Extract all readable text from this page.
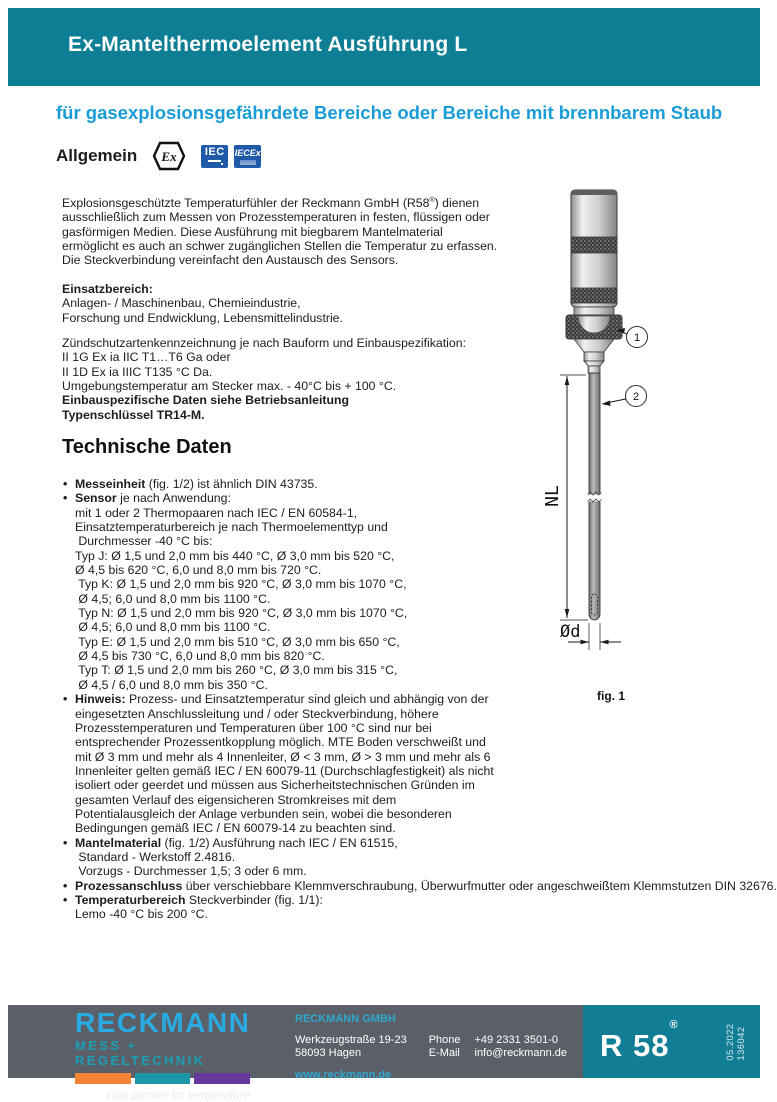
Ex-Mantelthermoelement Ausführung L
für gasexplosionsgefährdete Bereiche oder Bereiche mit brennbarem Staub
Allgemein Ex	IEC IECEx
Explosionsgeschützte Temperaturfühler der Reckmann GmbH (R58®) dienen
ausschließlich zum Messen von Prozesstemperaturen in festen, flüssigen oder
gasförmigen Medien. Diese Ausführung mit biegbarem Mantelmaterial
ermöglicht es auch an schwer zugänglichen Stellen die Temperatur zu erfassen.
Die Steckverbindung vereinfacht den Austausch des Sensors.
Einsatzbereich:
Anlagen- / Maschinenbau, Chemieindustrie,
Forschung und Endwicklung, Lebensmittelindustrie.
Zündschutzartenkennzeichnung je nach Bauform und Einbauspezifikation:
II 1G Ex ia IIC T1…T6 Ga oder
II 1D Ex ia IIIC T135 °C Da.
Umgebungstemperatur am Stecker max. - 40°C bis + 100 °C.
Einbauspezifische Daten siehe Betriebsanleitung
Typenschlüssel TR14-M.
Technische Daten
• Messeinheit (fig. 1/2) ist ähnlich DIN 43735.
• Sensor je nach Anwendung:
mit 1 oder 2 Thermopaaren nach IEC / EN 60584-1,
Einsatztemperaturbereich je nach Thermoelementtyp und
Durchmesser -40 °C bis:
Typ J: Ø 1,5 und 2,0 mm bis 440 °C, Ø 3,0 mm bis 520 °C,
Ø 4,5 bis 620 °C, 6,0 und 8,0 mm bis 720 °C.
Typ K: Ø 1,5 und 2,0 mm bis 920 °C, Ø 3,0 mm bis 1070 °C,
Ø 4,5; 6,0 und 8,0 mm bis 1100 °C.
Typ N: Ø 1,5 und 2,0 mm bis 920 °C, Ø 3,0 mm bis 1070 °C,
Ø 4,5; 6,0 und 8,0 mm bis 1100 °C.
Typ E: Ø 1,5 und 2,0 mm bis 510 °C, Ø 3,0 mm bis 650 °C,
Ø 4,5 bis 730 °C, 6,0 und 8,0 mm bis 820 °C.
Typ T: Ø 1,5 und 2,0 mm bis 260 °C, Ø 3,0 mm bis 315 °C,
Ø 4,5 / 6,0 und 8,0 mm bis 350 °C.
• Hinweis: Prozess- und Einsatztemperatur sind gleich und abhängig von der
eingesetzten Anschlussleitung und / oder Steckverbindung, höhere
Prozesstemperaturen und Temperaturen über 100 °C sind nur bei
entsprechender Prozessentkopplung möglich. MTE Boden verschweißt und
mit Ø 3 mm und mehr als 4 Innenleiter, Ø < 3 mm, Ø > 3 mm und mehr als 6
Innenleiter gelten gemäß IEC / EN 60079-11 (Durchschlagfestigkeit) als nicht
isoliert oder geerdet und müssen aus Sicherheitstechnischen Gründen im
gesamten Verlauf des eigensicheren Stromkreises mit dem
Potentialausgleich der Anlage verbunden sein, wobei die besonderen
Bedingungen gemäß IEC / EN 60079-14 zu beachten sind.
• Mantelmaterial (fig. 1/2) Ausführung nach IEC / EN 61515,
Standard - Werkstoff 2.4816.
Vorzugs - Durchmesser 1,5; 3 oder 6 mm.
• Prozessanschluss über verschiebbare Klemmverschraubung, Überwurfmutter oder angeschweißtem Klemmstutzen DIN 32676.
• Temperaturbereich Steckverbinder (fig. 1/1):
Lemo -40 °C bis 200 °C.
NL
Ød
1
2
fig. 1
RECKMANN
MESS + REGELTECHNIK
Your partner for temperature
RECKMANN GMBH
Werkzeugstraße 19-23
58093 Hagen
Phone +49 2331 3501-0
E-Mail info@reckmann.de
www.reckmann.de
R 58®	05.2022
136042
